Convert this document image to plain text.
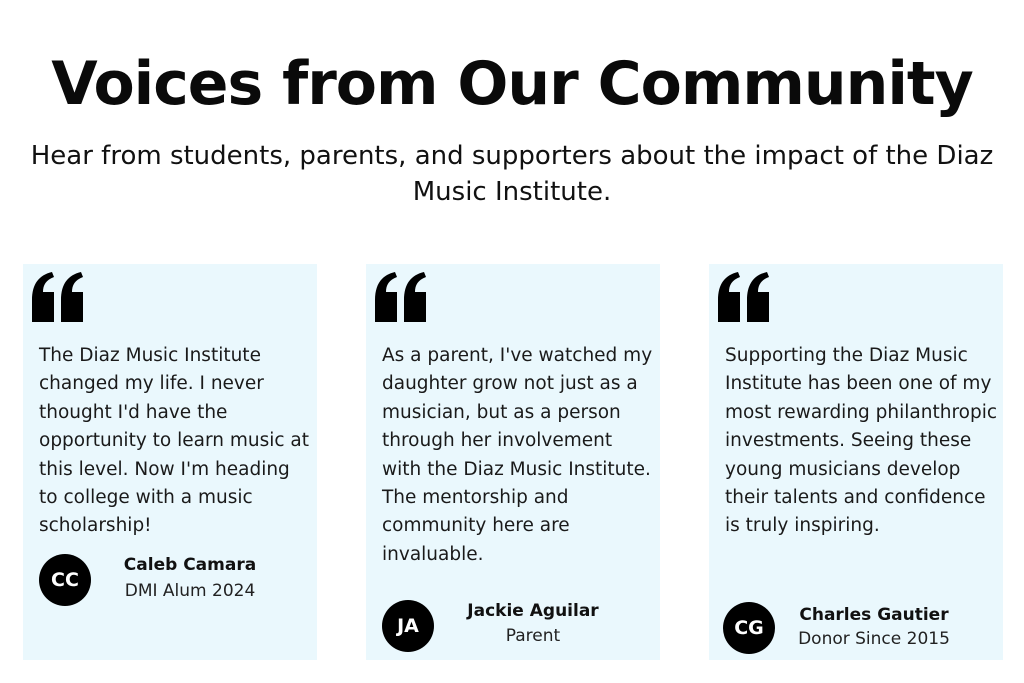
Voices from Our Community

Hear from students, parents, and supporters about the impact of the Diaz Music Institute.

The Diaz Music Institute changed my life. I never thought I'd have the opportunity to learn music at this level. Now I'm heading to college with a music scholarship!

CC
Caleb Camara
DMI Alum 2024

As a parent, I've watched my daughter grow not just as a musician, but as a person through her involvement with the Diaz Music Institute. The mentorship and community here are invaluable.

JA
Jackie Aguilar
Parent

Supporting the Diaz Music Institute has been one of my most rewarding philanthropic investments. Seeing these young musicians develop their talents and confidence is truly inspiring.

CG
Charles Gautier
Donor Since 2015
